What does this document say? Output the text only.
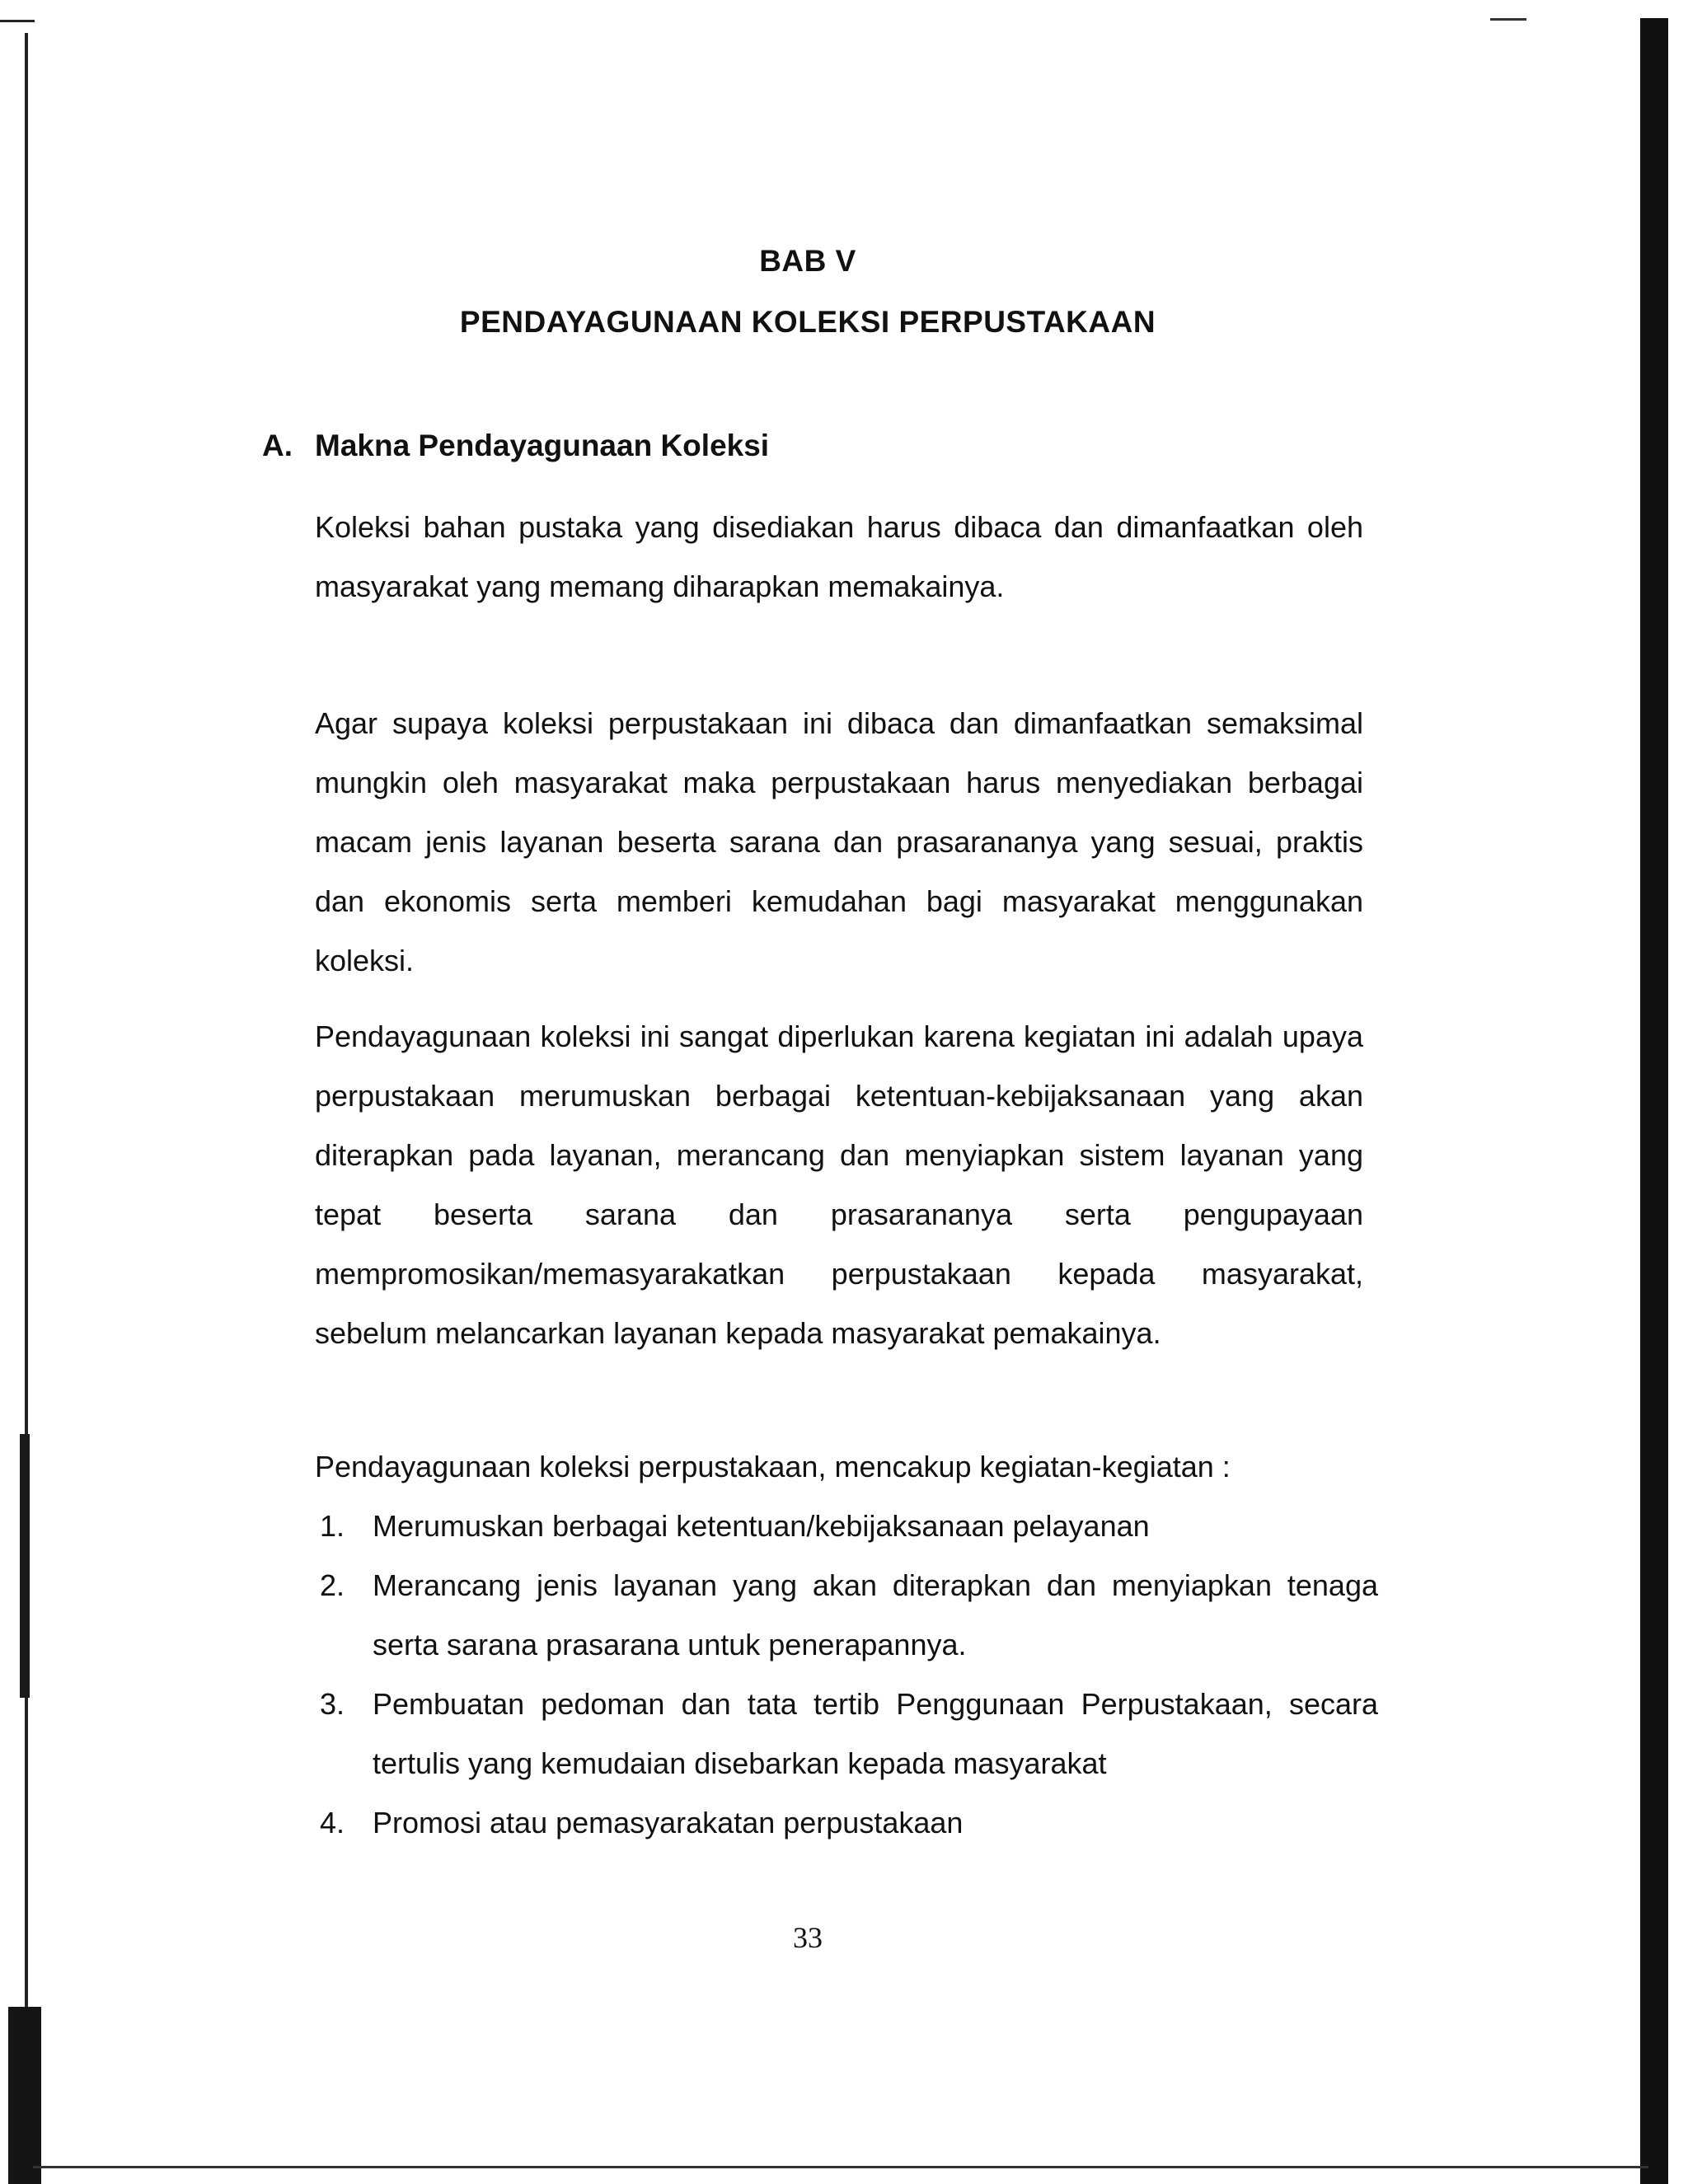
BAB V
PENDAYAGUNAAN KOLEKSI PERPUSTAKAAN
A. Makna Pendayagunaan Koleksi
Koleksi bahan pustaka yang disediakan harus dibaca dan dimanfaatkan oleh masyarakat yang memang diharapkan memakainya.
Agar supaya koleksi perpustakaan ini dibaca dan dimanfaatkan semaksimal mungkin oleh masyarakat maka perpustakaan harus menyediakan berbagai macam jenis layanan beserta sarana dan prasarananya yang sesuai, praktis dan ekonomis serta memberi kemudahan bagi masyarakat menggunakan koleksi.
Pendayagunaan koleksi ini sangat diperlukan karena kegiatan ini adalah upaya perpustakaan merumuskan berbagai ketentuan-kebijaksanaan yang akan diterapkan pada layanan, merancang dan menyiapkan sistem layanan yang tepat beserta sarana dan prasarananya serta pengupayaan mempromosikan/memasyarakatkan perpustakaan kepada masyarakat, sebelum melancarkan layanan kepada masyarakat pemakainya.
Pendayagunaan koleksi perpustakaan, mencakup kegiatan-kegiatan :
1. Merumuskan berbagai ketentuan/kebijaksanaan pelayanan
2. Merancang jenis layanan yang akan diterapkan dan menyiapkan tenaga serta sarana prasarana untuk penerapannya.
3. Pembuatan pedoman dan tata tertib Penggunaan Perpustakaan, secara tertulis yang kemudaian disebarkan kepada masyarakat
4. Promosi atau pemasyarakatan perpustakaan
33
